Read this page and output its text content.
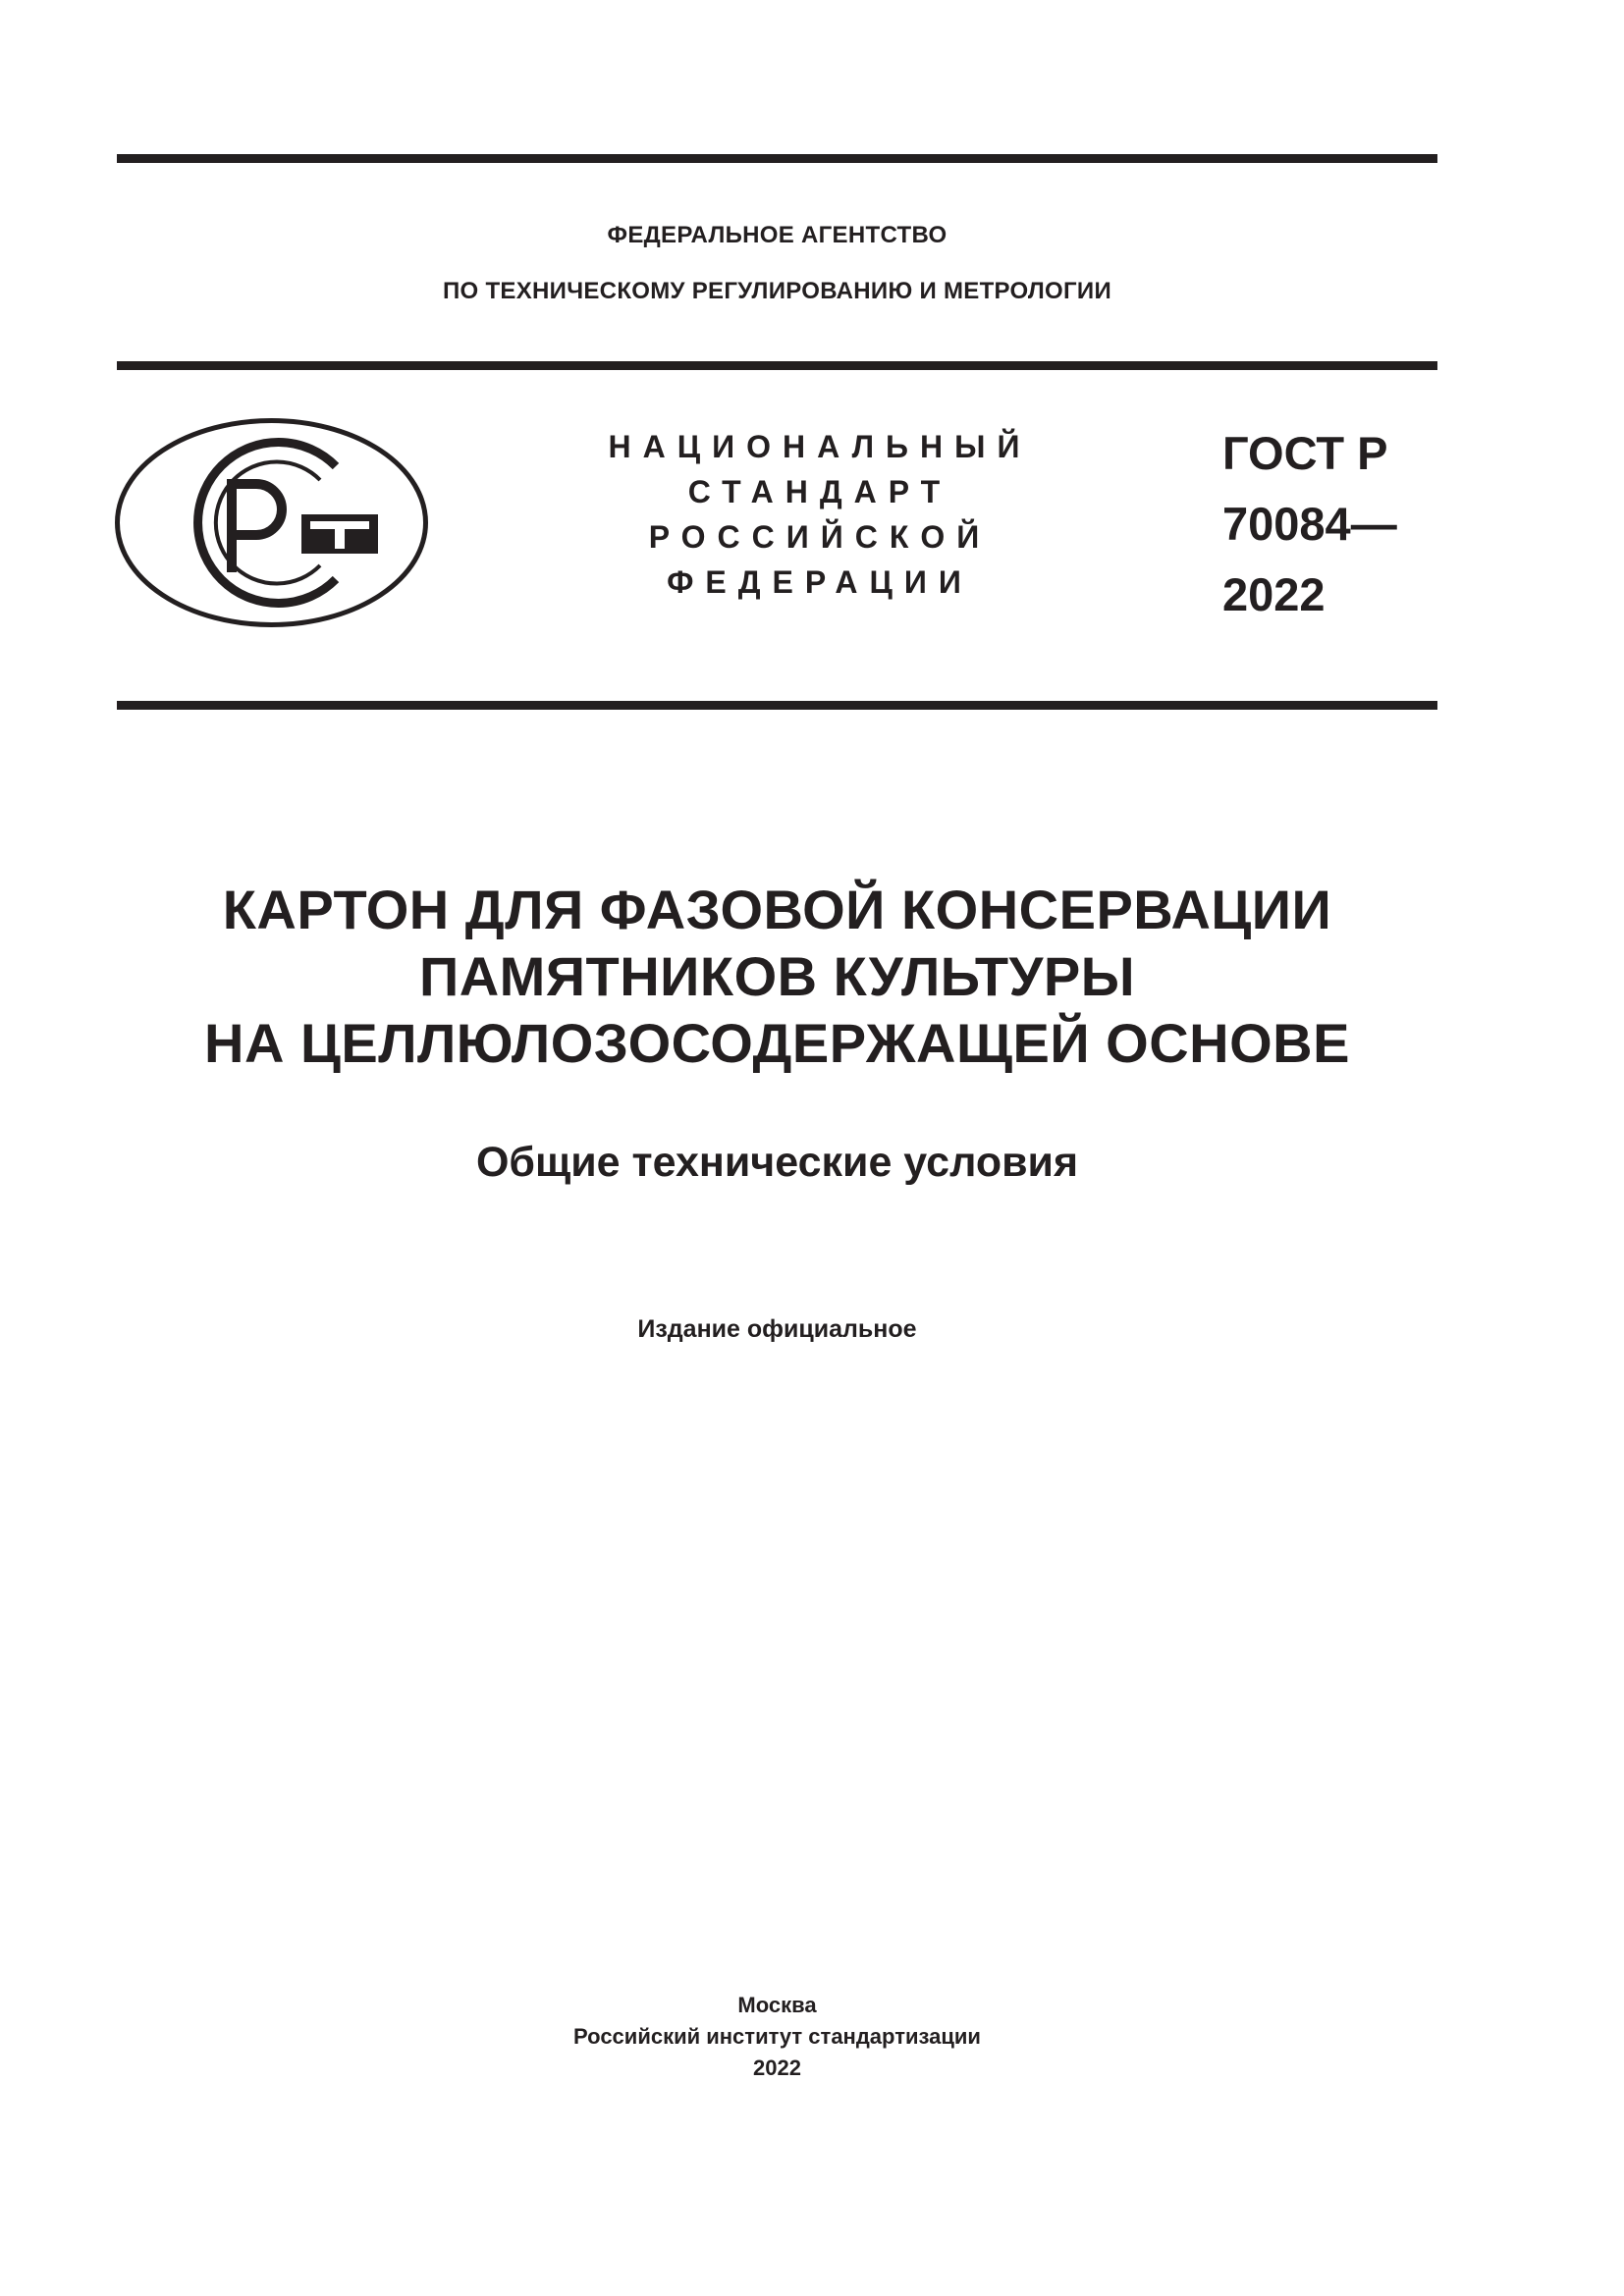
ФЕДЕРАЛЬНОЕ АГЕНТСТВО
ПО ТЕХНИЧЕСКОМУ РЕГУЛИРОВАНИЮ И МЕТРОЛОГИИ
НАЦИОНАЛЬНЫЙ
СТАНДАРТ
РОССИЙСКОЙ
ФЕДЕРАЦИИ
ГОСТ Р
70084—
2022
КАРТОН ДЛЯ ФАЗОВОЙ КОНСЕРВАЦИИ
ПАМЯТНИКОВ КУЛЬТУРЫ
НА ЦЕЛЛЮЛОЗОСОДЕРЖАЩЕЙ ОСНОВЕ
Общие технические условия
Издание официальное
Москва
Российский институт стандартизации
2022
